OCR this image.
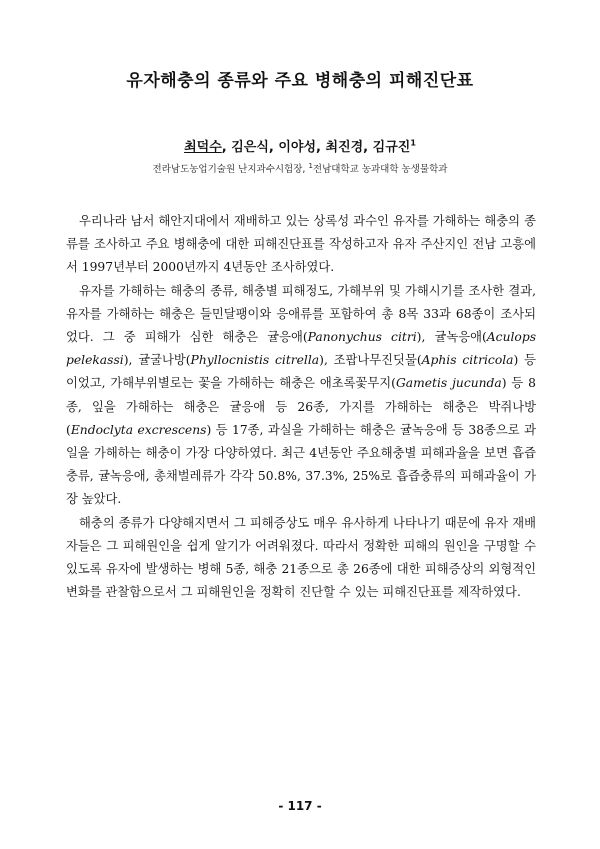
유자해충의 종류와 주요 병해충의 피해진단표
최덕수, 김은식, 이야성, 최진경, 김규진$^1$
전라남도농업기술원 난지과수시험장, $^1$전남대학교 농과대학 농생물학과

우리나라 남서 해안지대에서 재배하고 있는 상록성 과수인 유자를 가해하는 해충의 종류를 조사하고 주요 병해충에 대한 피해진단표를 작성하고자 유자 주산지인 전남 고흥에서 1997년부터 2000년까지 4년동안 조사하였다.

유자를 가해하는 해충의 종류, 해충별 피해정도, 가해부위 및 가해시기를 조사한 결과, 유자를 가해하는 해충은 들민달팽이와 응애류를 포함하여 총 8목 33과 68종이 조사되었다. 그 중 피해가 심한 해충은 귤응애(Panonychus citri), 귤녹응애(Aculops pelekassi), 귤굴나방(Phyllocnistis citrella), 조팝나무진딧물(Aphis citricola) 등이었고, 가해부위별로는 꽃을 가해하는 해충은 애초록꽃무지(Gametis jucunda) 등 8종, 잎을 가해하는 해충은 귤응애 등 26종, 가지를 가해하는 해충은 박쥐나방(Endoclyta excrescens) 등 17종, 과실을 가해하는 해충은 귤녹응애 등 38종으로 과일을 가해하는 해충이 가장 다양하였다. 최근 4년동안 주요해충별 피해과율을 보면 흡즙충류, 귤녹응애, 총채벌레류가 각각 50.8%, 37.3%, 25%로 흡즙충류의 피해과율이 가장 높았다.

해충의 종류가 다양해지면서 그 피해증상도 매우 유사하게 나타나기 때문에 유자 재배자들은 그 피해원인을 쉽게 알기가 어려워졌다. 따라서 정확한 피해의 원인을 구명할 수 있도록 유자에 발생하는 병해 5종, 해충 21종으로 총 26종에 대한 피해증상의 외형적인 변화를 관찰함으로서 그 피해원인을 정확히 진단할 수 있는 피해진단표를 제작하였다.

- 117 -
